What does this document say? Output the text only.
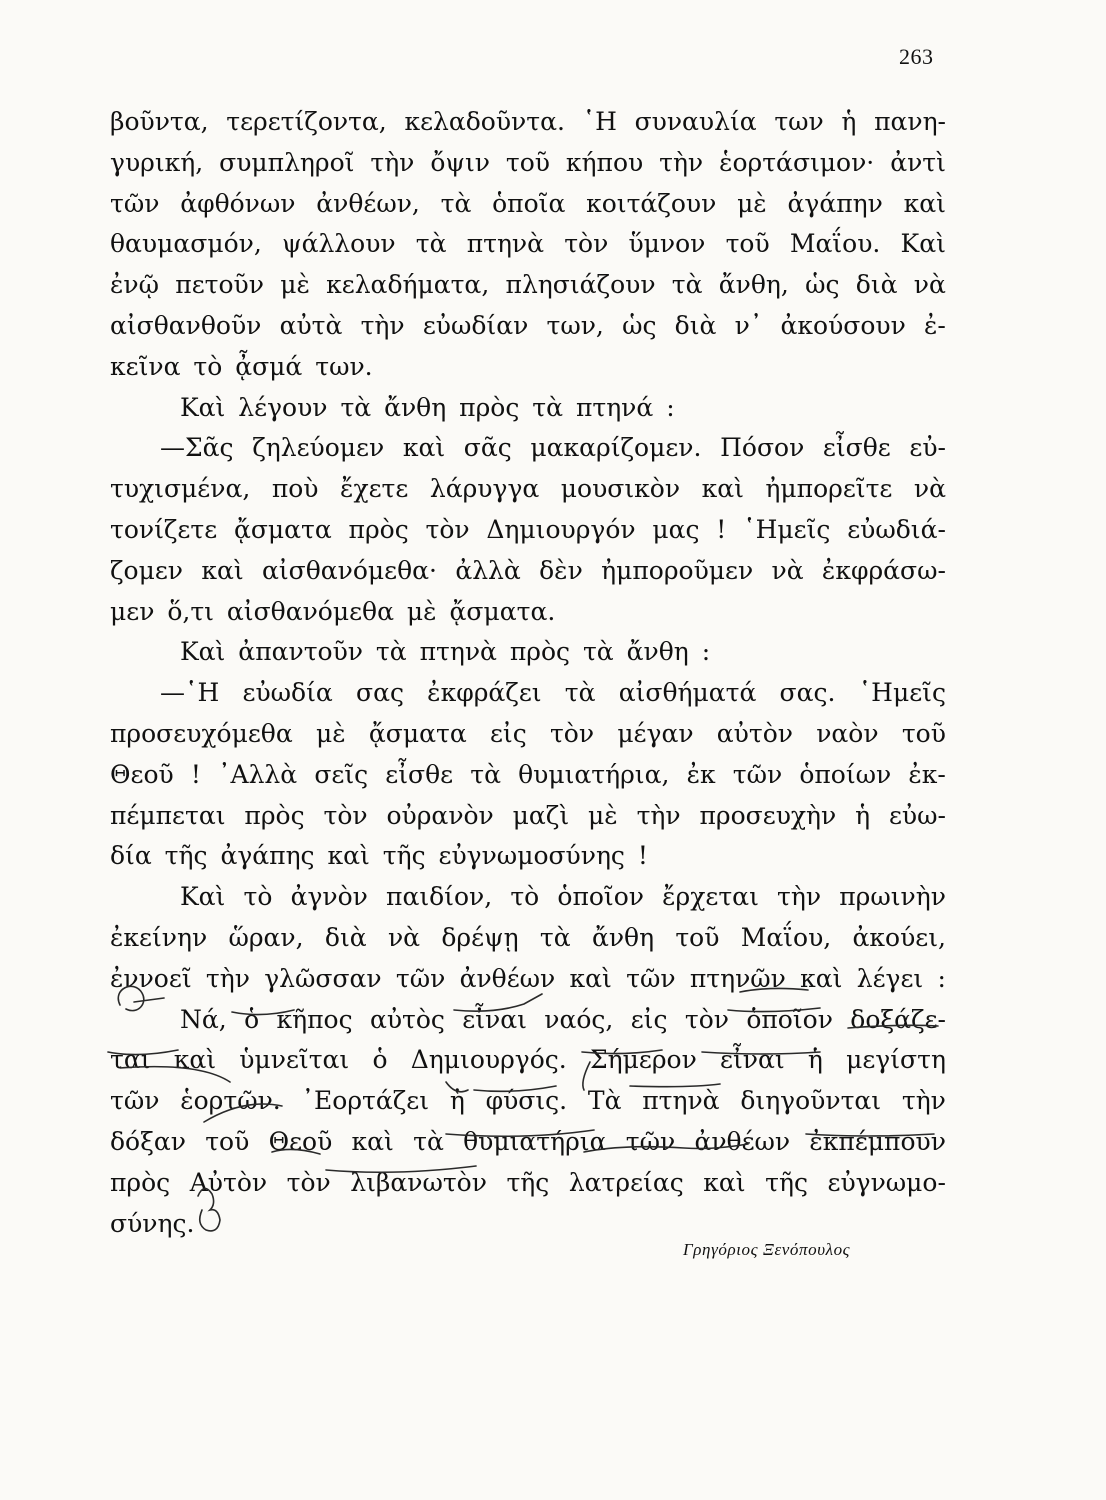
263
βοῦντα, τερετίζοντα, κελαδοῦντα. ῾Η συναυλία των ἡ πανη-
γυρική, συμπληροῖ τὴν ὄψιν τοῦ κήπου τὴν ἑορτάσιμον· ἀντὶ
τῶν ἀφθόνων ἀνθέων, τὰ ὁποῖα κοιτάζουν μὲ ἀγάπην καὶ
θαυμασμόν, ψάλλουν τὰ πτηνὰ τὸν ὕμνον τοῦ Μαΐου. Καὶ
ἐνῷ πετοῦν μὲ κελαδήματα, πλησιάζουν τὰ ἄνθη, ὡς διὰ νὰ
αἰσθανθοῦν αὐτὰ τὴν εὐωδίαν των, ὡς διὰ ν᾽ ἀκούσουν ἐ-
κεῖνα τὸ ᾆσμά των.
Καὶ λέγουν τὰ ἄνθη πρὸς τὰ πτηνά :
—Σᾶς ζηλεύομεν καὶ σᾶς μακαρίζομεν. Πόσον εἶσθε εὐ-
τυχισμένα, ποὺ ἔχετε λάρυγγα μουσικὸν καὶ ἠμπορεῖτε νὰ
τονίζετε ᾄσματα πρὸς τὸν Δημιουργόν μας ! ῾Ημεῖς εὐωδιά-
ζομεν καὶ αἰσθανόμεθα· ἀλλὰ δὲν ἠμποροῦμεν νὰ ἐκφράσω-
μεν ὅ,τι αἰσθανόμεθα μὲ ᾄσματα.
Καὶ ἀπαντοῦν τὰ πτηνὰ πρὸς τὰ ἄνθη :
—῾Η εὐωδία σας ἐκφράζει τὰ αἰσθήματά σας. ῾Ημεῖς
προσευχόμεθα μὲ ᾄσματα εἰς τὸν μέγαν αὐτὸν ναὸν τοῦ
Θεοῦ ! ᾿Αλλὰ σεῖς εἶσθε τὰ θυμιατήρια, ἐκ τῶν ὁποίων ἐκ-
πέμπεται πρὸς τὸν οὐρανὸν μαζὶ μὲ τὴν προσευχὴν ἡ εὐω-
δία τῆς ἀγάπης καὶ τῆς εὐγνωμοσύνης !
Καὶ τὸ ἀγνὸν παιδίον, τὸ ὁποῖον ἔρχεται τὴν πρωινὴν
ἐκείνην ὥραν, διὰ νὰ δρέψῃ τὰ ἄνθη τοῦ Μαΐου, ἀκούει,
ἐννοεῖ τὴν γλῶσσαν τῶν ἀνθέων καὶ τῶν πτηνῶν καὶ λέγει :
Νά, ὁ κῆπος αὐτὸς εἶναι ναός, εἰς τὸν ὁποῖον δοξάζε-
ται καὶ ὑμνεῖται ὁ Δημιουργός. Σήμερον εἶναι ἡ μεγίστη
τῶν ἑορτῶν. ᾿Εορτάζει ἡ φύσις. Τὰ πτηνὰ διηγοῦνται τὴν
δόξαν τοῦ Θεοῦ καὶ τὰ θυμιατήρια τῶν ἀνθέων ἐκπέμπουν
πρὸς Αὐτὸν τὸν λιβανωτὸν τῆς λατρείας καὶ τῆς εὐγνωμο-
σύνης.
Γρηγόριος Ξενόπουλος
